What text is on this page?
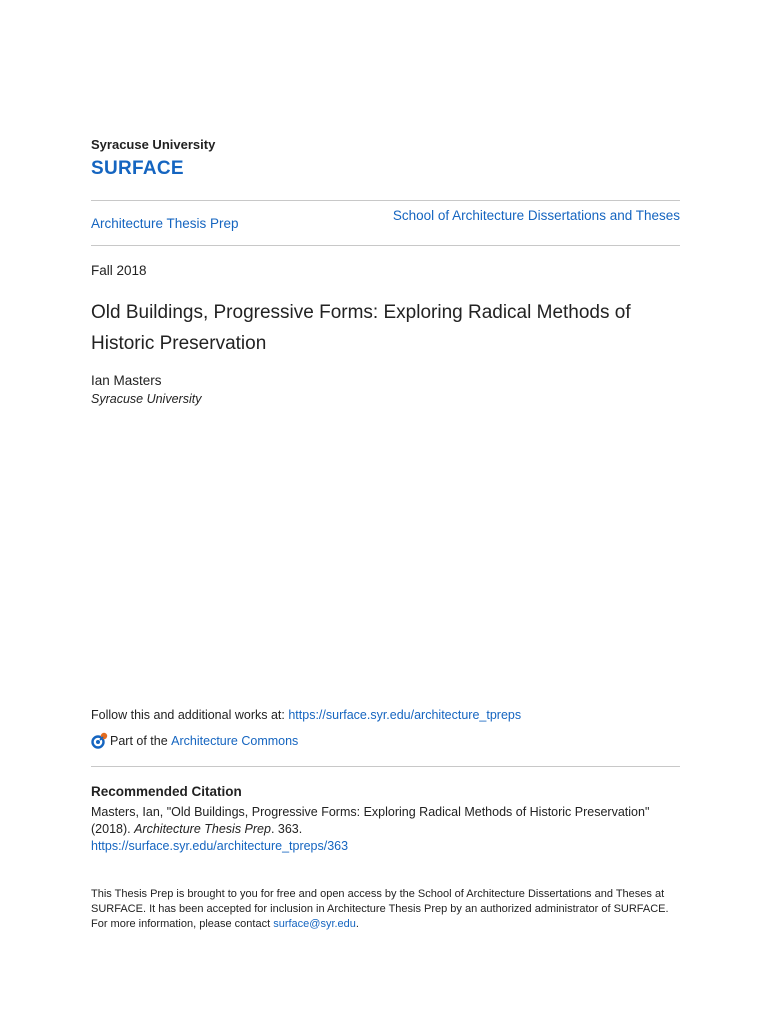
Syracuse University
SURFACE
Architecture Thesis Prep
School of Architecture Dissertations and Theses
Fall 2018
Old Buildings, Progressive Forms: Exploring Radical Methods of Historic Preservation
Ian Masters
Syracuse University
Follow this and additional works at: https://surface.syr.edu/architecture_tpreps
Part of the
Architecture Commons
Recommended Citation
Masters, Ian, "Old Buildings, Progressive Forms: Exploring Radical Methods of Historic Preservation" (2018). Architecture Thesis Prep. 363.
https://surface.syr.edu/architecture_tpreps/363
This Thesis Prep is brought to you for free and open access by the School of Architecture Dissertations and Theses at SURFACE. It has been accepted for inclusion in Architecture Thesis Prep by an authorized administrator of SURFACE. For more information, please contact surface@syr.edu.
